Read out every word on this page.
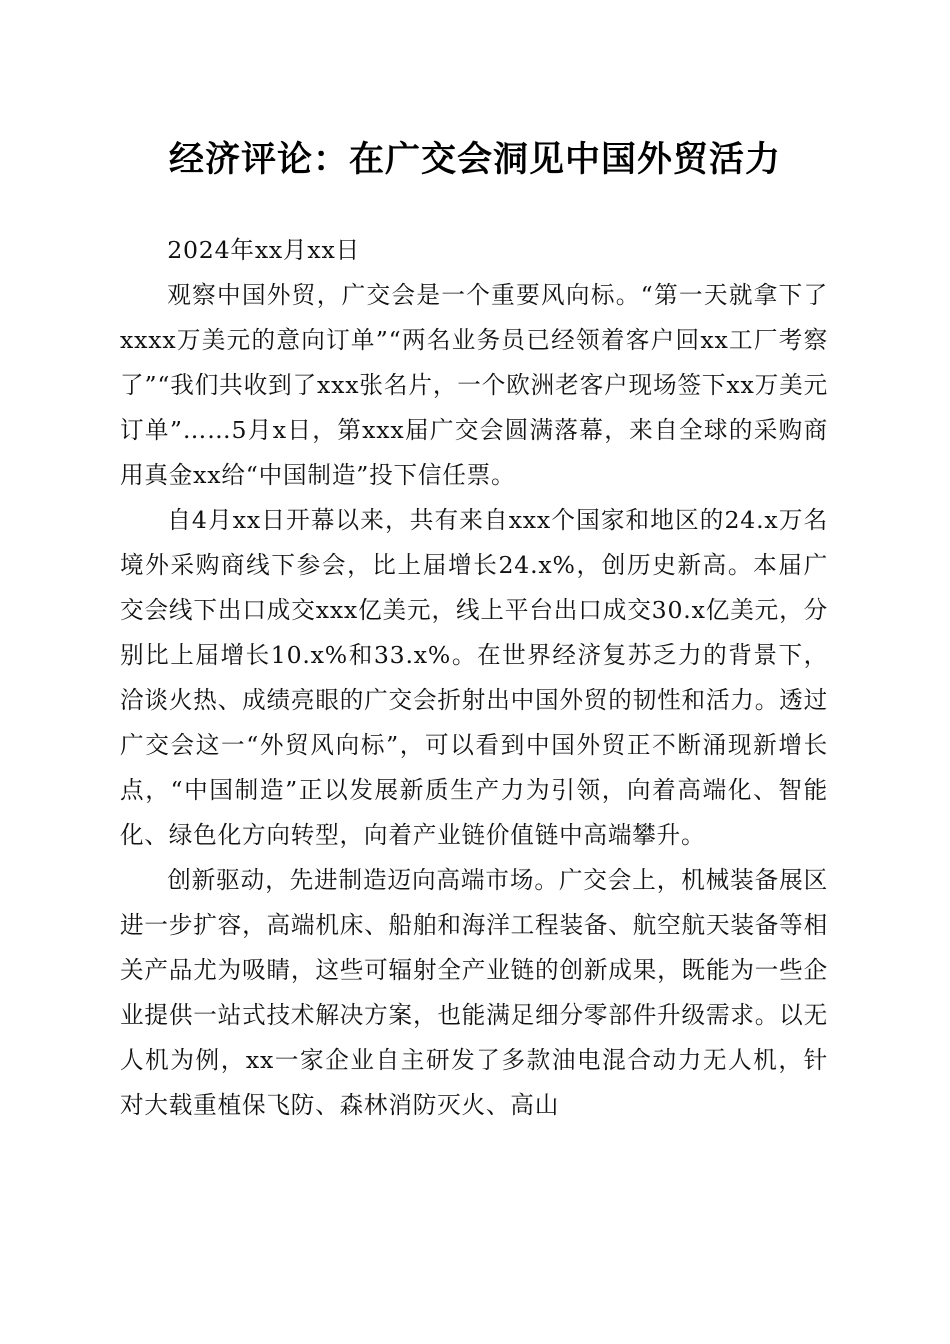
经济评论：在广交会洞见中国外贸活力

2024年xx月xx日

观察中国外贸，广交会是一个重要风向标。“第一天就拿下了xxxx万美元的意向订单”“两名业务员已经领着客户回xx工厂考察了”“我们共收到了xxx张名片，一个欧洲老客户现场签下xx万美元订单”……5月x日，第xxx届广交会圆满落幕，来自全球的采购商用真金xx给“中国制造”投下信任票。

自4月xx日开幕以来，共有来自xxx个国家和地区的24.x万名境外采购商线下参会，比上届增长24.x%，创历史新高。本届广交会线下出口成交xxx亿美元，线上平台出口成交30.x亿美元，分别比上届增长10.x%和33.x%。在世界经济复苏乏力的背景下，洽谈火热、成绩亮眼的广交会折射出中国外贸的韧性和活力。透过广交会这一“外贸风向标”，可以看到中国外贸正不断涌现新增长点，“中国制造”正以发展新质生产力为引领，向着高端化、智能化、绿色化方向转型，向着产业链价值链中高端攀升。

创新驱动，先进制造迈向高端市场。广交会上，机械装备展区进一步扩容，高端机床、船舶和海洋工程装备、航空航天装备等相关产品尤为吸睛，这些可辐射全产业链的创新成果，既能为一些企业提供一站式技术解决方案，也能满足细分零部件升级需求。以无人机为例，xx一家企业自主研发了多款油电混合动力无人机，针对大载重植保飞防、森林消防灭火、高山
